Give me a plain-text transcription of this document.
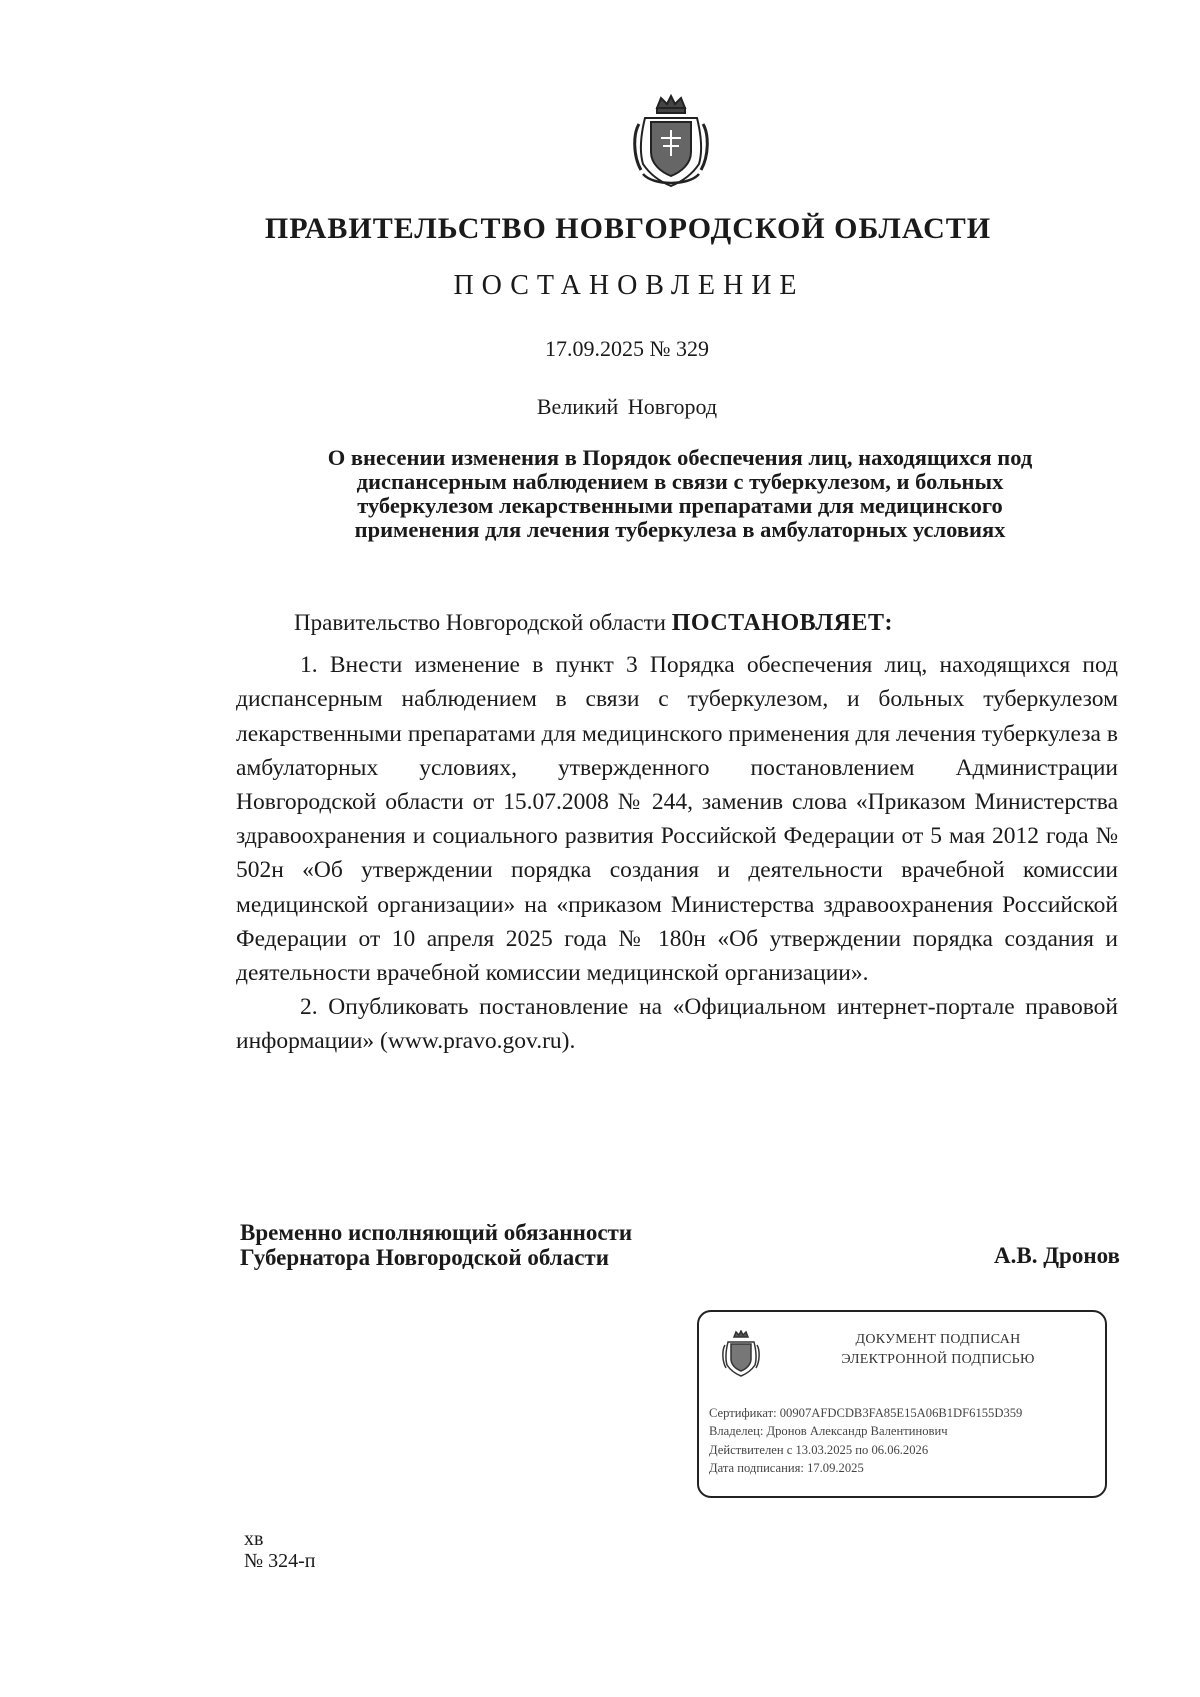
ПРАВИТЕЛЬСТВО НОВГОРОДСКОЙ ОБЛАСТИ
ПОСТАНОВЛЕНИЕ
17.09.2025 № 329
Великий Новгород
О внесении изменения в Порядок обеспечения лиц, находящихся под
диспансерным наблюдением в связи с туберкулезом, и больных
туберкулезом лекарственными препаратами для медицинского
применения для лечения туберкулеза в амбулаторных условиях

Правительство Новгородской области ПОСТАНОВЛЯЕТ:

1. Внести изменение в пункт 3 Порядка обеспечения лиц, находящихся под диспансерным наблюдением в связи с туберкулезом, и больных туберкулезом лекарственными препаратами для медицинского применения для лечения туберкулеза в амбулаторных условиях, утвержденного постановлением Администрации Новгородской области от 15.07.2008 № 244, заменив слова «Приказом Министерства здравоохранения и социального развития Российской Федерации от 5 мая 2012 года № 502н «Об утверждении порядка создания и деятельности врачебной комиссии медицинской организации» на «приказом Министерства здравоохранения Российской Федерации от 10 апреля 2025 года № 180н «Об утверждении порядка создания и деятельности врачебной комиссии медицинской организации».

2. Опубликовать постановление на «Официальном интернет-портале правовой информации» (www.pravo.gov.ru).

Временно исполняющий обязанности
Губернатора Новгородской области	А.В. Дронов
ДОКУМЕНТ ПОДПИСАН
ЭЛЕКТРОННОЙ ПОДПИСЬЮ
Сертификат: 00907AFDCDB3FA85E15A06B1DF6155D359
Владелец: Дронов Александр Валентинович
Действителен с 13.03.2025 по 06.06.2026
Дата подписания: 17.09.2025
хв
№ 324-п
